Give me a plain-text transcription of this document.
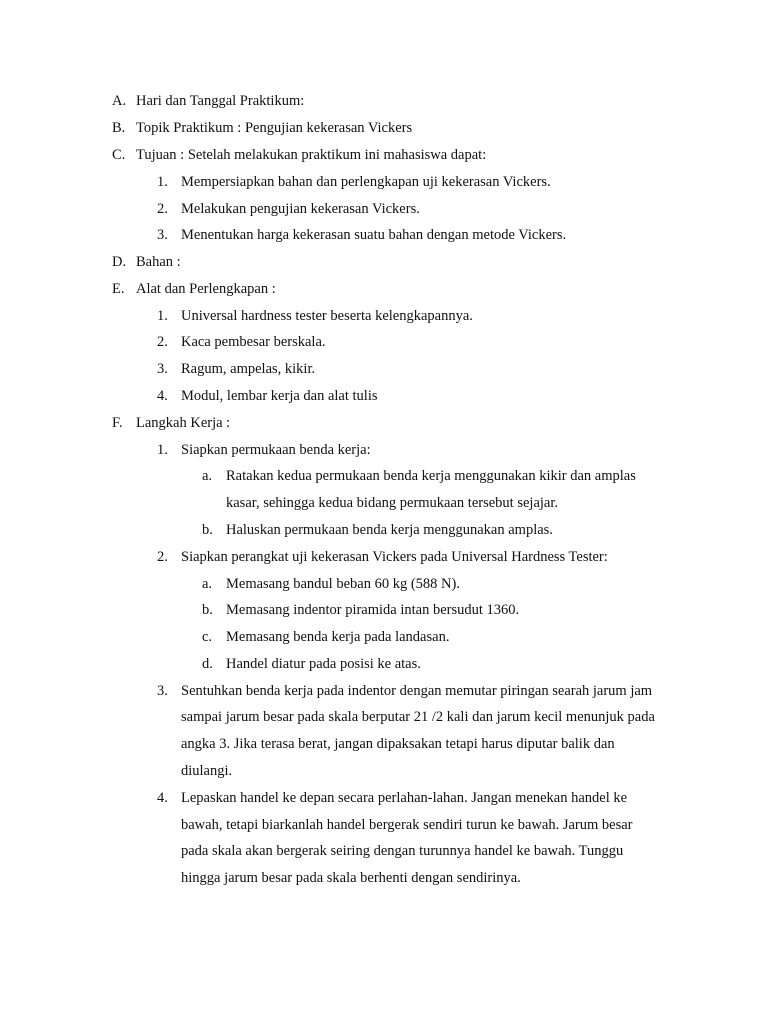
A. Hari dan Tanggal Praktikum:
B. Topik Praktikum : Pengujian kekerasan Vickers
C. Tujuan : Setelah melakukan praktikum ini mahasiswa dapat:
1. Mempersiapkan bahan dan perlengkapan uji kekerasan Vickers.
2. Melakukan pengujian kekerasan Vickers.
3. Menentukan harga kekerasan suatu bahan dengan metode Vickers.
D. Bahan :
E. Alat dan Perlengkapan :
1. Universal hardness tester beserta kelengkapannya.
2. Kaca pembesar berskala.
3. Ragum, ampelas, kikir.
4. Modul, lembar kerja dan alat tulis
F. Langkah Kerja :
1. Siapkan permukaan benda kerja:
a. Ratakan kedua permukaan benda kerja menggunakan kikir dan amplas
kasar, sehingga kedua bidang permukaan tersebut sejajar.
b. Haluskan permukaan benda kerja menggunakan amplas.
2. Siapkan perangkat uji kekerasan Vickers pada Universal Hardness Tester:
a. Memasang bandul beban 60 kg (588 N).
b. Memasang indentor piramida intan bersudut 1360.
c. Memasang benda kerja pada landasan.
d. Handel diatur pada posisi ke atas.
3. Sentuhkan benda kerja pada indentor dengan memutar piringan searah jarum jam
sampai jarum besar pada skala berputar 21 /2 kali dan jarum kecil menunjuk pada
angka 3. Jika terasa berat, jangan dipaksakan tetapi harus diputar balik dan
diulangi.
4. Lepaskan handel ke depan secara perlahan-lahan. Jangan menekan handel ke
bawah, tetapi biarkanlah handel bergerak sendiri turun ke bawah. Jarum besar
pada skala akan bergerak seiring dengan turunnya handel ke bawah. Tunggu
hingga jarum besar pada skala berhenti dengan sendirinya.
